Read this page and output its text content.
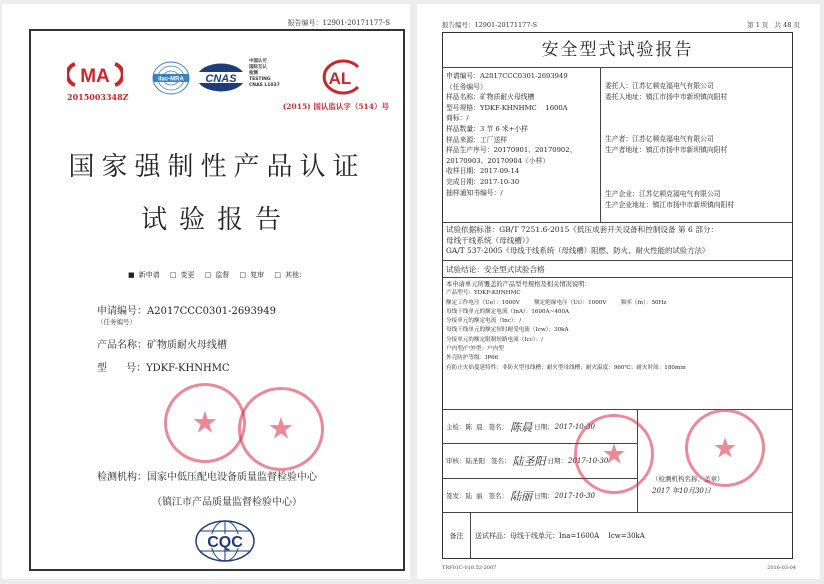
报告编号：12901-20171177-S
MA
2015003348Z
ilac-MRA CNAS
中国认可
国际互认
检测
TESTING
CNAS L1037	AL
(2015) 国认监认字（514）号
国家强制性产品认证
试验报告
■ 新申请 □ 变更 □ 监督 □ 复审 □ 其他：
申请编号：A2017CCC0301-2693949
（任务编号）
产品名称：矿物质耐火母线槽
型      号：YDKF-KHNHMC
★ ★
检测机构：国家中低压配电设备质量监督检验中心
（镇江市产品质量监督检验中心）
CQC
报告编号：12901-20171177-S	第 1 页   共 48 页
安全型式试验报告
申请编号：A2017CCC0301-2693949
（任务编号）
样品名称：矿物质耐火母线槽
型号规格：YDKF-KHNHMC    1600A
商标：/
样品数量：3 节 6 米+小样
样品来源：工厂送样
样品生产序号：20170901、20170902、
20170903、20170904（小样）
收样日期：2017-09-14
完成日期：2017-10-30
抽样通知书编号：/
委托人：江苏亿顿克福电气有限公司
委托人地址：镇江市扬中市新坝镇向阳村
生产者：江苏亿顿克福电气有限公司
生产者地址：镇江市扬中市新坝镇向阳村
生产企业：江苏亿顿克福电气有限公司
生产企业地址：镇江市扬中市新坝镇向阳村
试验依据标准：GB/T 7251.6-2015《低压成套开关设备和控制设备 第 6 部分：
母线干线系统（母线槽）》
GA/T 537-2005《母线干线系统（母线槽）阻燃、防火、耐火性能的试验方法》
试验结论：安全型式试验合格
本申请单元所覆盖的产品型号规格及相关情况说明：
产品型号：YDKF-KHNHMC
额定工作电压（Ue）：1000V        额定绝缘电压（Ui）：1000V        频率（fn）：50Hz
母线干线单元的额定电流（InA）：1600A~400A
分接单元的额定电流（Inc）：/
母线干线单元的额定短时耐受电流（Icw）：30kA
分接单元的额定限制短路电流（Icc）：/
户内型/户外型：户内型
外壳防护等级：IP66
有防止火焰蔓延特性：非防火型母线槽；耐火型母线槽；耐火温度：960℃；耐火时间：180min
主检： 陈  晨 签名： 陈晨 日期： 2017-10-30
审核： 陆圣阳 签名： 陆圣阳 日期： 2017-10-30
签发： 陆  丽 签名： 陆丽 日期： 2017-10-30
（检测机构名称、盖章）
2017 年10月30日
备注	送试样品：母线干线单元：Ina=1600A    Icw=30kA
★	★
TRF01C-010.52-2007	2016-03-04
